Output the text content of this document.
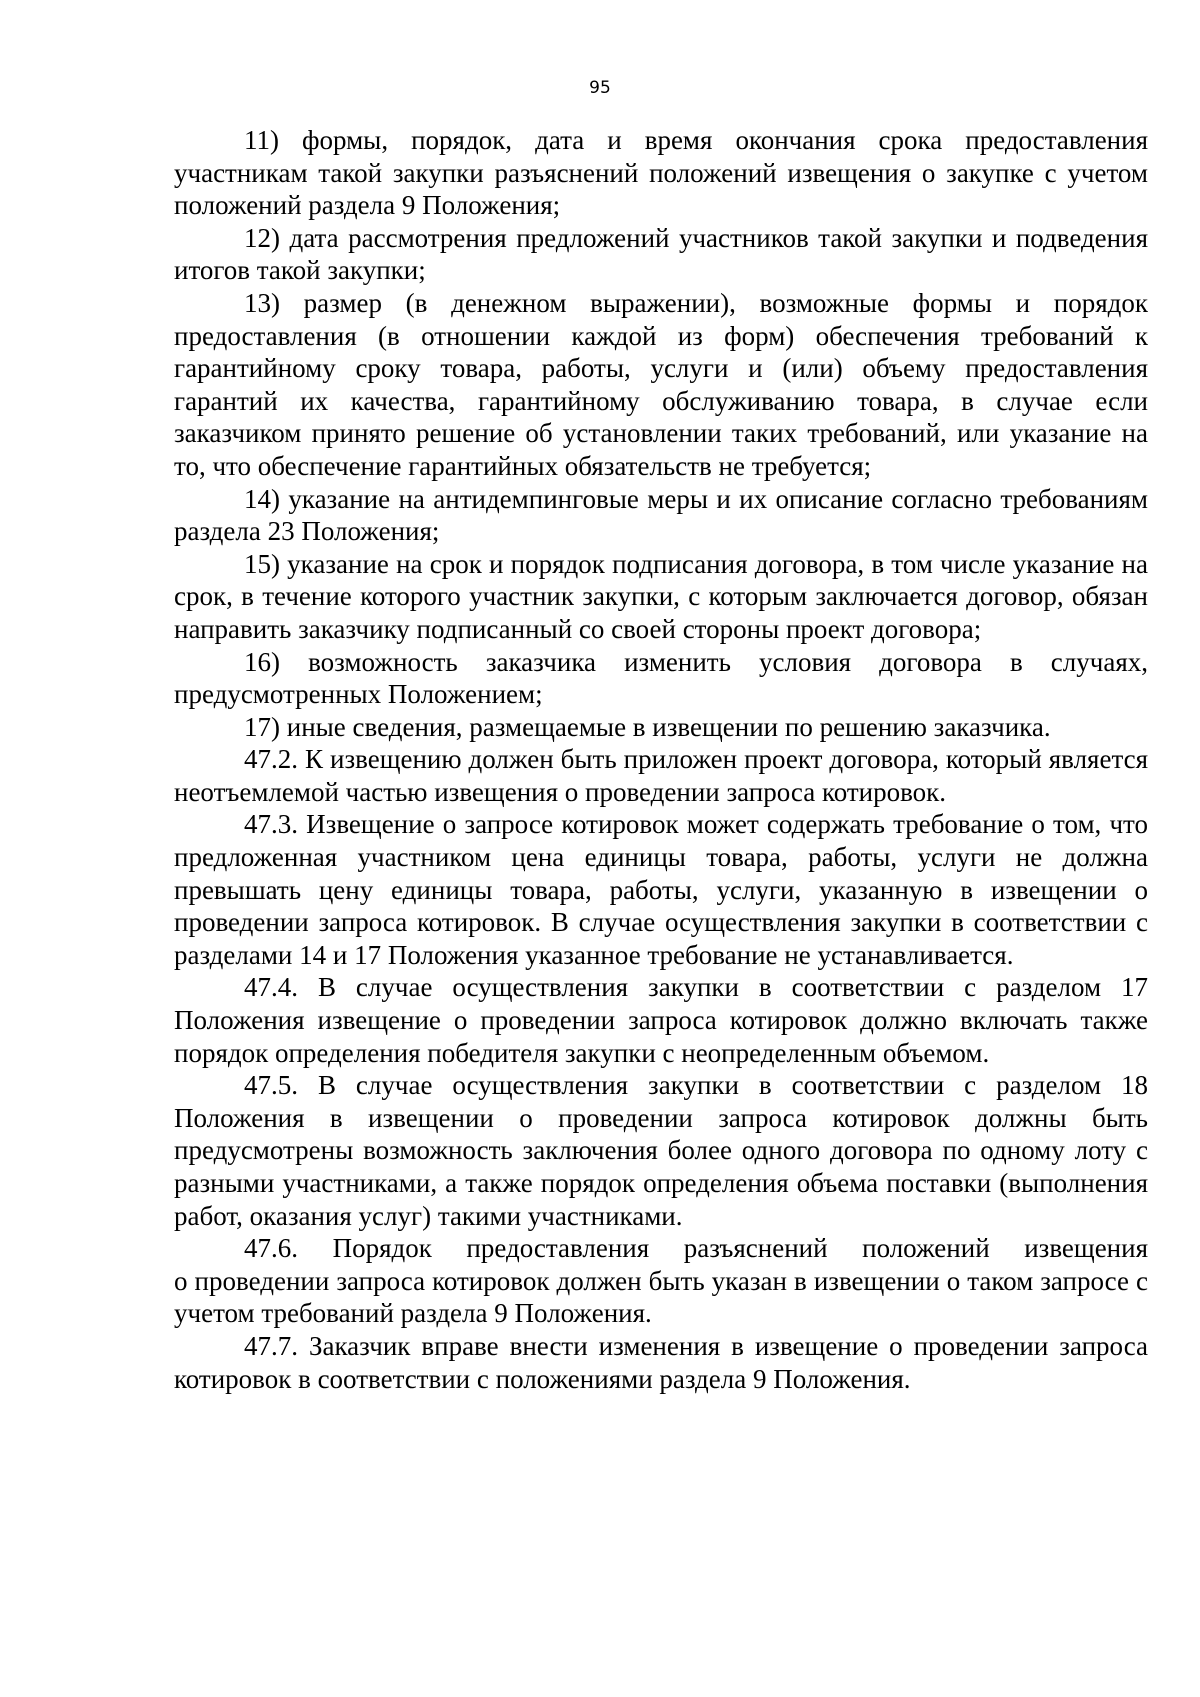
95

11) формы, порядок, дата и время окончания срока предоставления участникам такой закупки разъяснений положений извещения о закупке с учетом положений раздела 9 Положения;

12) дата рассмотрения предложений участников такой закупки и подведения итогов такой закупки;

13) размер (в денежном выражении), возможные формы и порядок предоставления (в отношении каждой из форм) обеспечения требований к гарантийному сроку товара, работы, услуги и (или) объему предоставления гарантий их качества, гарантийному обслуживанию товара, в случае если заказчиком принято решение об установлении таких требований, или указание на то, что обеспечение гарантийных обязательств не требуется;

14) указание на антидемпинговые меры и их описание согласно требованиям раздела 23 Положения;

15) указание на срок и порядок подписания договора, в том числе указание на срок, в течение которого участник закупки, с которым заключается договор, обязан направить заказчику подписанный со своей стороны проект договора;

16) возможность заказчика изменить условия договора в случаях, предусмотренных Положением;

17) иные сведения, размещаемые в извещении по решению заказчика.

47.2. К извещению должен быть приложен проект договора, который является неотъемлемой частью извещения о проведении запроса котировок.

47.3. Извещение о запросе котировок может содержать требование о том, что предложенная участником цена единицы товара, работы, услуги не должна превышать цену единицы товара, работы, услуги, указанную в извещении о проведении запроса котировок. В случае осуществления закупки в соответствии с разделами 14 и 17 Положения указанное требование не устанавливается.

47.4. В случае осуществления закупки в соответствии с разделом 17 Положения извещение о проведении запроса котировок должно включать также порядок определения победителя закупки с неопределенным объемом.

47.5. В случае осуществления закупки в соответствии с разделом 18 Положения в извещении о проведении запроса котировок должны быть предусмотрены возможность заключения более одного договора по одному лоту с разными участниками, а также порядок определения объема поставки (выполнения работ, оказания услуг) такими участниками.

47.6. Порядок предоставления разъяснений положений извещения о проведении запроса котировок должен быть указан в извещении о таком запросе с учетом требований раздела 9 Положения.

47.7. Заказчик вправе внести изменения в извещение о проведении запроса котировок в соответствии с положениями раздела 9 Положения.
